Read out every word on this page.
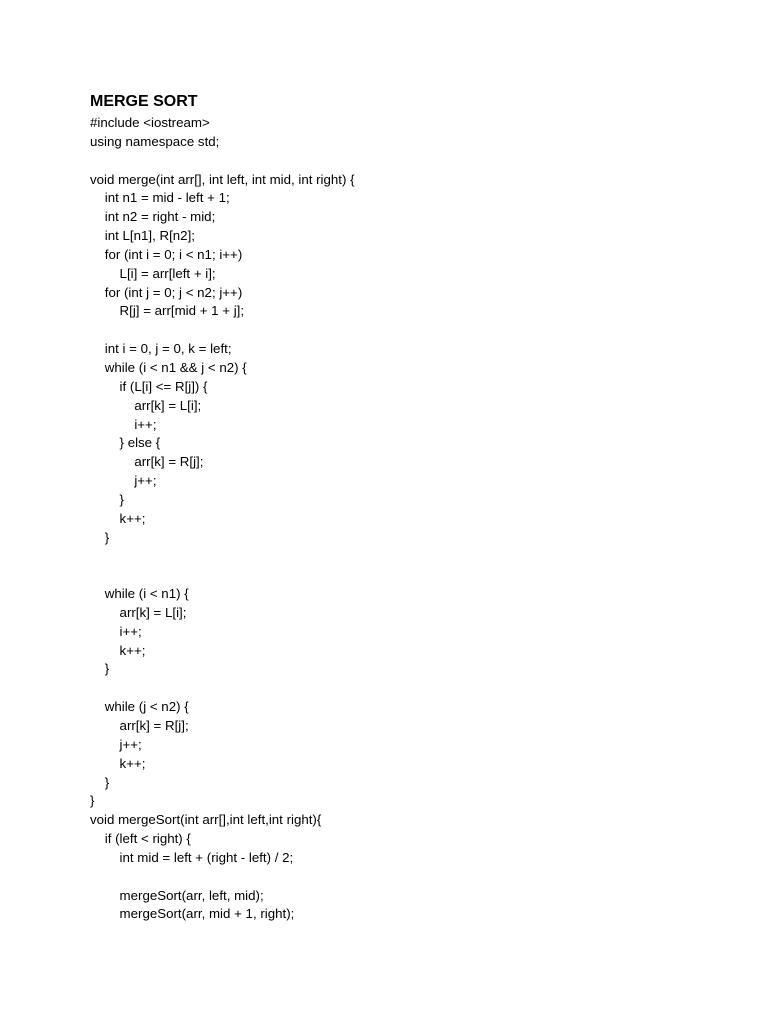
MERGE SORT
#include <iostream>
using namespace std;
void merge(int arr[], int left, int mid, int right) {
int n1 = mid - left + 1;
int n2 = right - mid;
int L[n1], R[n2];
for (int i = 0; i < n1; i++)
L[i] = arr[left + i];
for (int j = 0; j < n2; j++)
R[j] = arr[mid + 1 + j];
int i = 0, j = 0, k = left;
while (i < n1 && j < n2) {
if (L[i] <= R[j]) {
arr[k] = L[i];
i++;
} else {
arr[k] = R[j];
j++;
}
k++;
}
while (i < n1) {
arr[k] = L[i];
i++;
k++;
}
while (j < n2) {
arr[k] = R[j];
j++;
k++;
}
}
void mergeSort(int arr[],int left,int right){
if (left < right) {
int mid = left + (right - left) / 2;
mergeSort(arr, left, mid);
mergeSort(arr, mid + 1, right);
